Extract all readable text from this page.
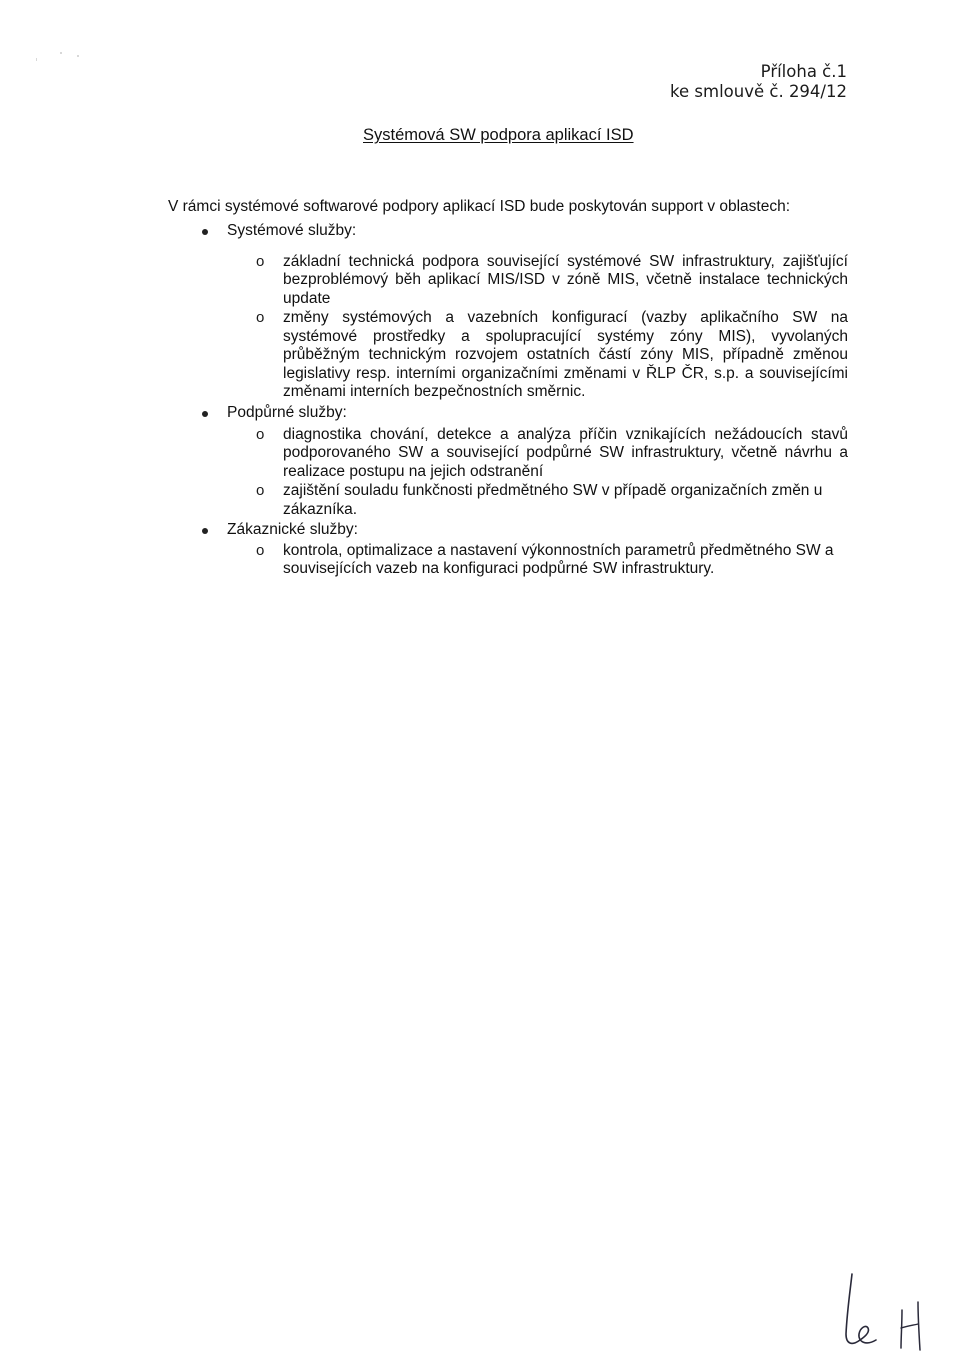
Příloha č.1
ke smlouvě č. 294/12
Systémová SW podpora aplikací ISD
V rámci systémové softwarové podpory aplikací ISD bude poskytován support v oblastech:
Systémové služby:
o základní technická podpora související systémové SW infrastruktury, zajišťující bezproblémový běh aplikací MIS/ISD v zóně MIS, včetně instalace technických update
o změny systémových a vazebních konfigurací (vazby aplikačního SW na systémové prostředky a spolupracující systémy zóny MIS), vyvolaných průběžným technickým rozvojem ostatních částí zóny MIS, případně změnou legislativy resp. interními organizačními změnami v ŘLP ČR, s.p. a souvisejícími změnami interních bezpečnostních směrnic.
Podpůrné služby:
o diagnostika chování, detekce a analýza příčin vznikajících nežádoucích stavů podporovaného SW a související podpůrné SW infrastruktury, včetně návrhu a realizace postupu na jejich odstranění
o zajištění souladu funkčnosti předmětného SW v případě organizačních změn u zákazníka.
Zákaznické služby:
o kontrola, optimalizace a nastavení výkonnostních parametrů předmětného SW a souvisejících vazeb na konfiguraci podpůrné SW infrastruktury.
